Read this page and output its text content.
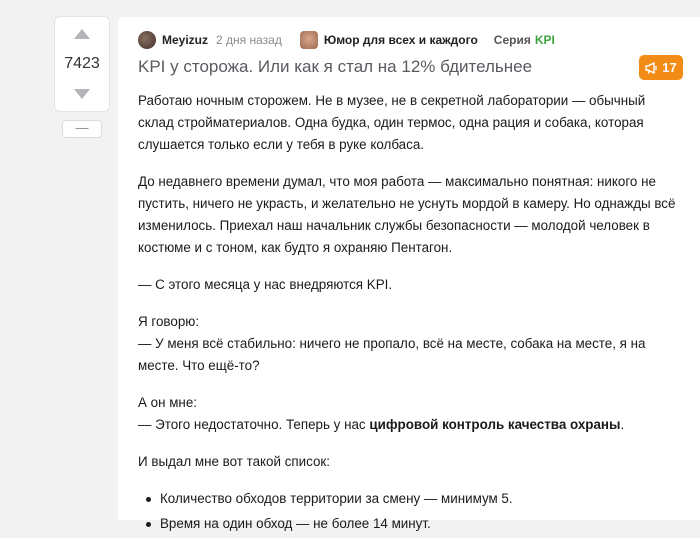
7423
—
Meyizuz 2 дня назад	Юмор для всех и каждого Серия KPI
KPI у сторожа. Или как я стал на 12% бдительнее	17

Работаю ночным сторожем. Не в музее, не в секретной лаборатории — обычный склад стройматериалов. Одна будка, один термос, одна рация и собака, которая слушается только если у тебя в руке колбаса.

До недавнего времени думал, что моя работа — максимально понятная: никого не пустить, ничего не украсть, и желательно не уснуть мордой в камеру. Но однажды всё изменилось. Приехал наш начальник службы безопасности — молодой человек в костюме и с тоном, как будто я охраняю Пентагон.

— С этого месяца у нас внедряются KPI.

Я говорю:
— У меня всё стабильно: ничего не пропало, всё на месте, собака на месте, я на месте. Что ещё-то?

А он мне:
— Этого недостаточно. Теперь у нас цифровой контроль качества охраны.

И выдал мне вот такой список:

Количество обходов территории за смену — минимум 5.
Время на один обход — не более 14 минут.
